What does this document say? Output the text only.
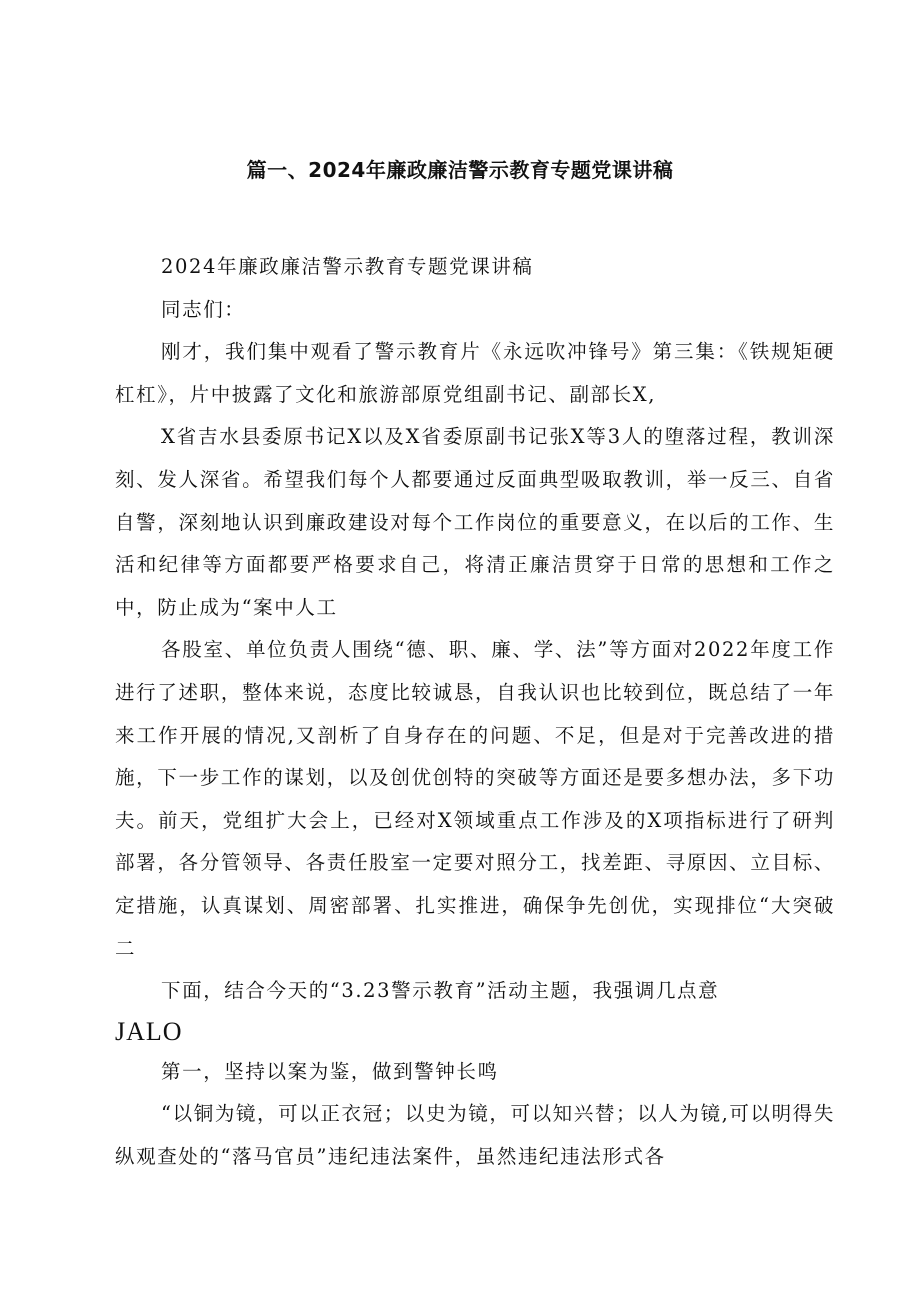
篇一、2024年廉政廉洁警示教育专题党课讲稿

2024年廉政廉洁警示教育专题党课讲稿

同志们：

刚才，我们集中观看了警示教育片《永远吹冲锋号》第三集：《铁规矩硬杠杠》，片中披露了文化和旅游部原党组副书记、副部长X,

X省吉水县委原书记X以及X省委原副书记张X等3人的堕落过程，教训深刻、发人深省。希望我们每个人都要通过反面典型吸取教训，举一反三、自省自警，深刻地认识到廉政建设对每个工作岗位的重要意义，在以后的工作、生活和纪律等方面都要严格要求自己，将清正廉洁贯穿于日常的思想和工作之中，防止成为“案中人工

各股室、单位负责人围绕“德、职、廉、学、法”等方面对2022年度工作进行了述职，整体来说，态度比较诚恳，自我认识也比较到位，既总结了一年来工作开展的情况,又剖析了自身存在的问题、不足，但是对于完善改进的措施，下一步工作的谋划，以及创优创特的突破等方面还是要多想办法，多下功夫。前天，党组扩大会上，已经对X领域重点工作涉及的X项指标进行了研判部署，各分管领导、各责任股室一定要对照分工，找差距、寻原因、立目标、定措施，认真谋划、周密部署、扎实推进，确保争先创优，实现排位“大突破二

下面，结合今天的“3.23警示教育”活动主题，我强调几点意

JALO

第一，坚持以案为鉴，做到警钟长鸣

“以铜为镜，可以正衣冠；以史为镜，可以知兴替；以人为镜,可以明得失纵观查处的“落马官员”违纪违法案件，虽然违纪违法形式各
